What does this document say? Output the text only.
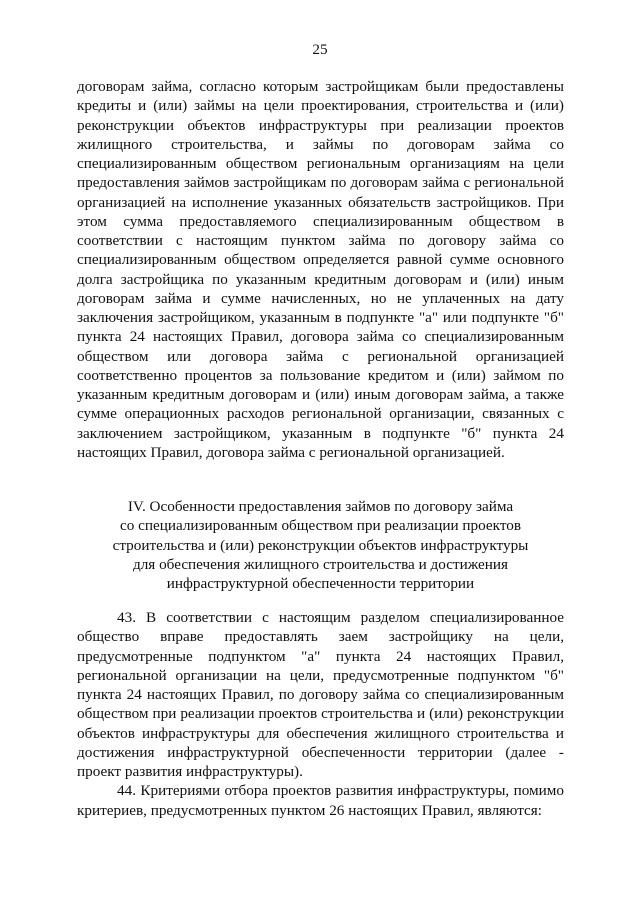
25

договорам займа, согласно которым застройщикам были предоставлены кредиты и (или) займы на цели проектирования, строительства и (или) реконструкции объектов инфраструктуры при реализации проектов жилищного строительства, и займы по договорам займа со специализированным обществом региональным организациям на цели предоставления займов застройщикам по договорам займа с региональной организацией на исполнение указанных обязательств застройщиков. При этом сумма предоставляемого специализированным обществом в соответствии с настоящим пунктом займа по договору займа со специализированным обществом определяется равной сумме основного долга застройщика по указанным кредитным договорам и (или) иным договорам займа и сумме начисленных, но не уплаченных на дату заключения застройщиком, указанным в подпункте "а" или подпункте "б" пункта 24 настоящих Правил, договора займа со специализированным обществом или договора займа с региональной организацией соответственно процентов за пользование кредитом и (или) займом по указанным кредитным договорам и (или) иным договорам займа, а также сумме операционных расходов региональной организации, связанных с заключением застройщиком, указанным в подпункте "б" пункта 24 настоящих Правил, договора займа с региональной организацией.

IV. Особенности предоставления займов по договору займа
со специализированным обществом при реализации проектов
строительства и (или) реконструкции объектов инфраструктуры
для обеспечения жилищного строительства и достижения
инфраструктурной обеспеченности территории

43. В соответствии с настоящим разделом специализированное общество вправе предоставлять заем застройщику на цели, предусмотренные подпунктом "а" пункта 24 настоящих Правил, региональной организации на цели, предусмотренные подпунктом "б" пункта 24 настоящих Правил, по договору займа со специализированным обществом при реализации проектов строительства и (или) реконструкции объектов инфраструктуры для обеспечения жилищного строительства и достижения инфраструктурной обеспеченности территории (далее - проект развития инфраструктуры).

44. Критериями отбора проектов развития инфраструктуры, помимо критериев, предусмотренных пунктом 26 настоящих Правил, являются:
